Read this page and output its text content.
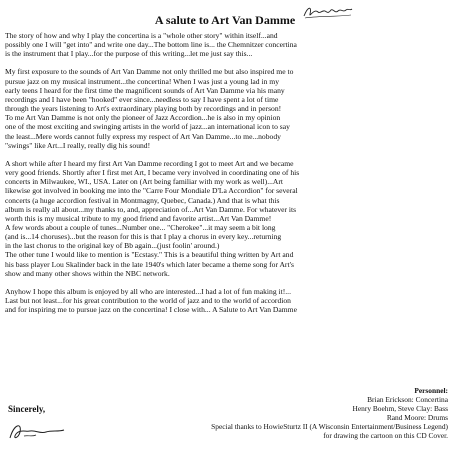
A salute to Art Van Damme

The story of how and why I play the concertina is a "whole other story" within itself...and
possibly one I will "get into" and write one day...The bottom line is... the Chemnitzer concertina
is the instrument that I play...for the purpose of this writing...let me just say this...

My first exposure to the sounds of Art Van Damme not only thrilled me but also inspired me to
pursue jazz on my musical instrument...the concertina! When I was just a young lad in my
early teens I heard for the first time the magnificent sounds of Art Van Damme via his many
recordings and I have been "hooked" ever since...needless to say I have spent a lot of time
through the years listening to Art's extraordinary playing both by recordings and in person!
To me Art Van Damme is not only the pioneer of Jazz Accordion...he is also in my opinion
one of the most exciting and swinging artists in the world of jazz...an international icon to say
the least...Mere words cannot fully express my respect of Art Van Damme...to me...nobody
"swings" like Art...I really, really dig his sound!

A short while after I heard my first Art Van Damme recording I got to meet Art and we became
very good friends. Shortly after I first met Art, I became very involved in coordinating one of his
concerts in Milwaukee, WI., USA. Later on (Art being familiar with my work as well)...Art
likewise got involved in booking me into the "Carre Four Mondiale D'La Accordion" for several
concerts (a huge accordion festival in Montmagny, Quebec, Canada.) And that is what this
album is really all about...my thanks to, and, appreciation of...Art Van Damme. For whatever its
worth this is my musical tribute to my good friend and favorite artist...Art Van Damme!
A few words about a couple of tunes...Number one... "Cherokee"...it may seem a bit long
(and is...14 choruses)...but the reason for this is that I play a chorus in every key...returning
in the last chorus to the original key of Bb again...(just foolin' around.)
The other tune I would like to mention is "Ecstasy." This is a beautiful thing written by Art and
his bass player Lou Skalinder back in the late 1940's which later became a theme song for Art's
show and many other shows within the NBC network.

Anyhow I hope this album is enjoyed by all who are interested...I had a lot of fun making it!...
Last but not least...for his great contribution to the world of jazz and to the world of accordion
and for inspiring me to pursue jazz on the concertina! I close with... A Salute to Art Van Damme

Sincerely,
Personnel:
Brian Erickson: Concertina
Henry Boehm, Steve Clay: Bass
Rand Moore: Drums
Special thanks to HowieSturtz II (A Wisconsin Entertainment/Business Legend)
for drawing the cartoon on this CD Cover.
